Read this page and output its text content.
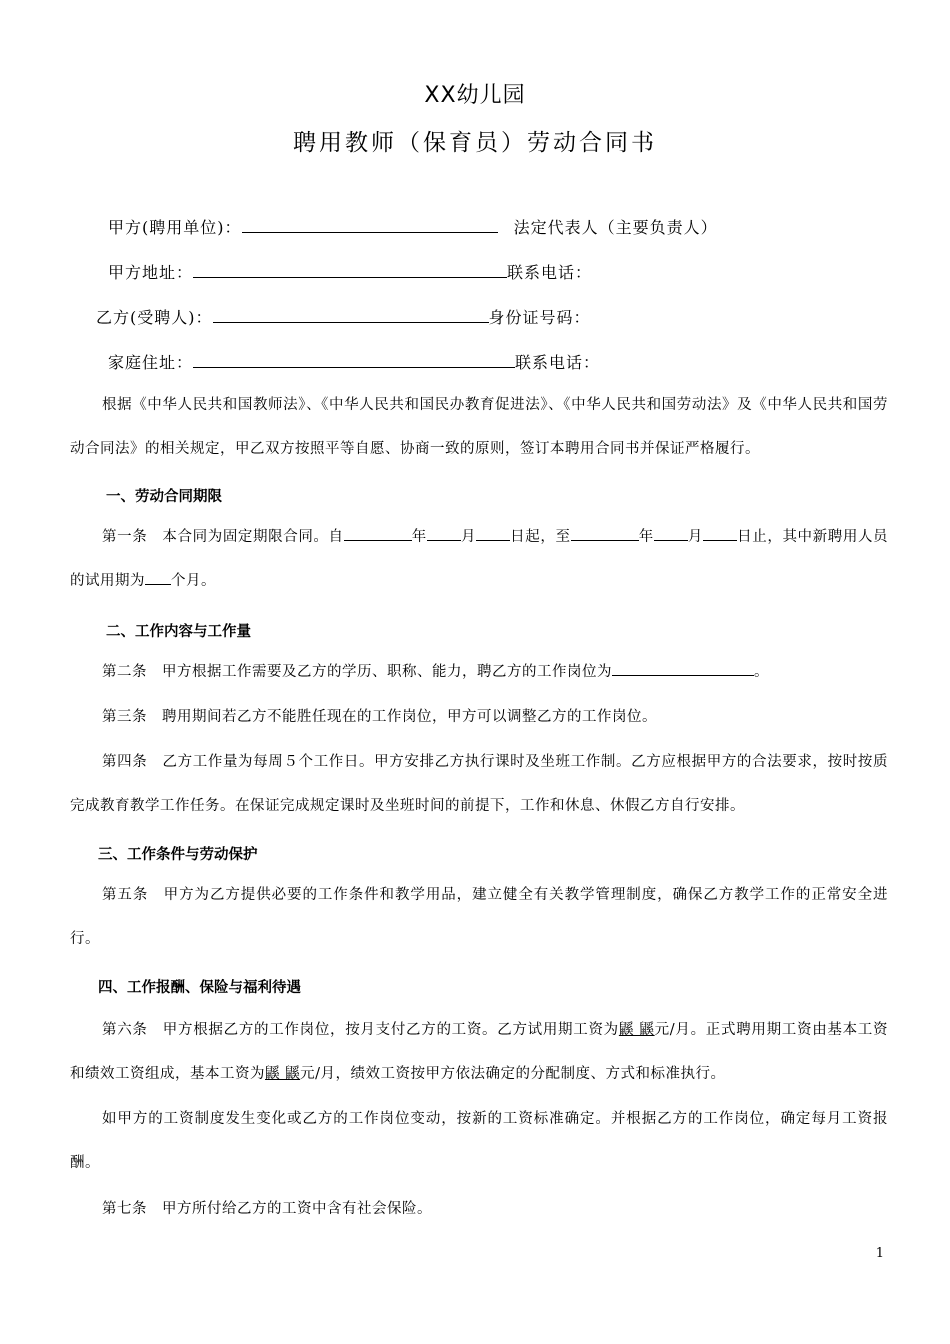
XX幼儿园
聘用教师（保育员）劳动合同书
甲方(聘用单位)：	法定代表人（主要负责人）
甲方地址：	联系电话：
乙方(受聘人)：	身份证号码：
家庭住址：	联系电话：
根据《中华人民共和国教师法》、《中华人民共和国民办教育促进法》、《中华人民共和国劳动法》及《中华人民共和国劳动合同法》的相关规定，甲乙双方按照平等自愿、协商一致的原则，签订本聘用合同书并保证严格履行。
一、劳动合同期限
第一条　本合同为固定期限合同。自	年 月 日起，至	年 月 日止，其中新聘用人员的试用期为 个月。
二、工作内容与工作量
第二条　甲方根据工作需要及乙方的学历、职称、能力，聘乙方的工作岗位为	。
第三条　聘用期间若乙方不能胜任现在的工作岗位，甲方可以调整乙方的工作岗位。
第四条　乙方工作量为每周５个工作日。甲方安排乙方执行课时及坐班工作制。乙方应根据甲方的合法要求，按时按质完成教育教学工作任务。在保证完成规定课时及坐班时间的前提下，工作和休息、休假乙方自行安排。
三、工作条件与劳动保护
第五条　甲方为乙方提供必要的工作条件和教学用品，建立健全有关教学管理制度，确保乙方教学工作的正常安全进行。
四、工作报酬、保险与福利待遇
第六条　甲方根据乙方的工作岗位，按月支付乙方的工资。乙方试用期工资为鼷 鼷元/月。正式聘用期工资由基本工资和绩效工资组成，基本工资为鼷 鼷元/月，绩效工资按甲方依法确定的分配制度、方式和标准执行。
如甲方的工资制度发生变化或乙方的工作岗位变动，按新的工资标准确定。并根据乙方的工作岗位，确定每月工资报酬。
第七条　甲方所付给乙方的工资中含有社会保险。
1
